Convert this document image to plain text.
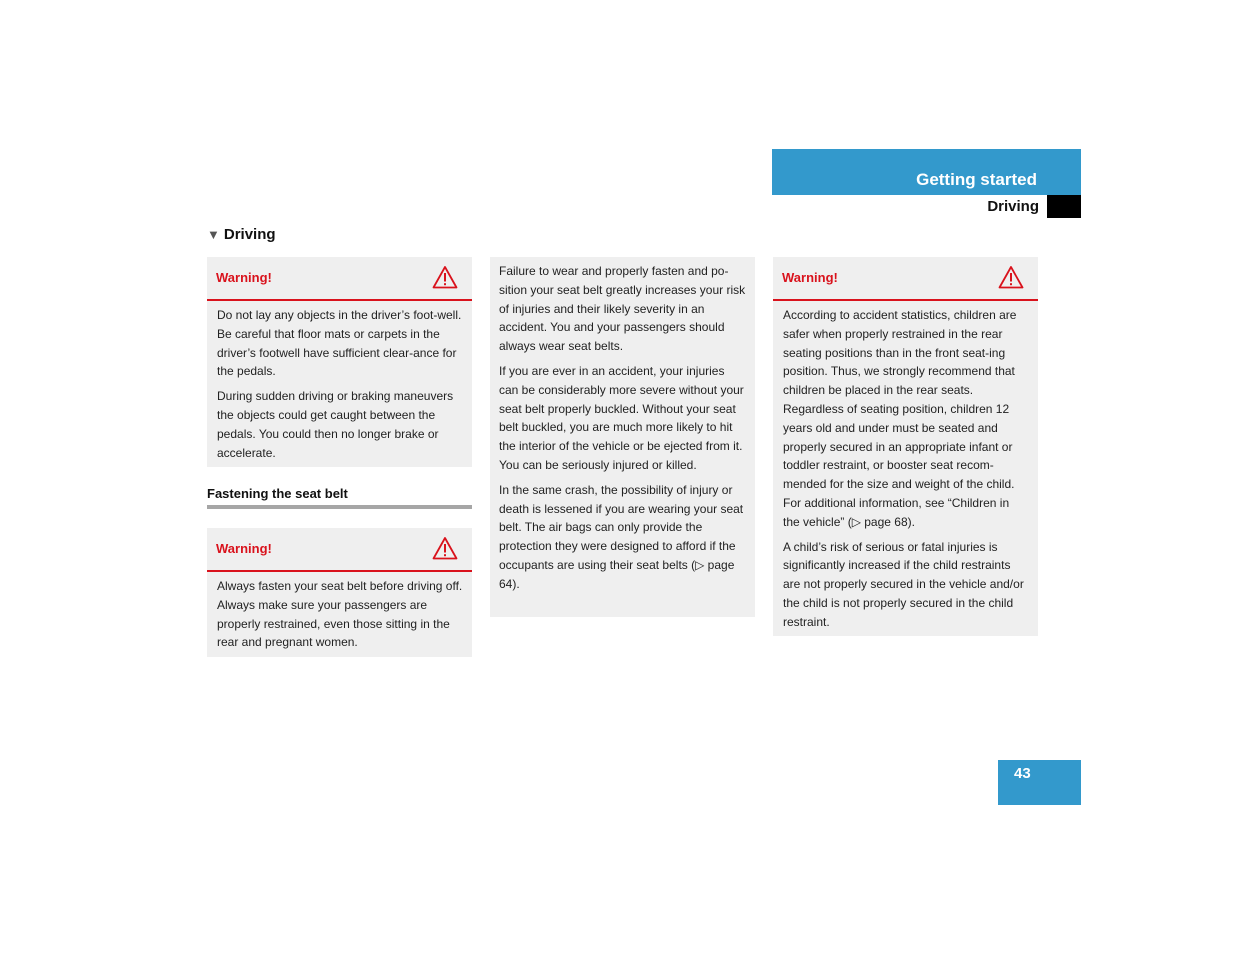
Getting started
Driving
▼ Driving
Warning!

Do not lay any objects in the driver’s foot-well. Be careful that floor mats or carpets in the driver’s footwell have sufficient clear-ance for the pedals.

During sudden driving or braking maneuvers the objects could get caught between the pedals. You could then no longer brake or accelerate.

Fastening the seat belt
Warning!

Always fasten your seat belt before driving off. Always make sure your passengers are properly restrained, even those sitting in the rear and pregnant women.

Failure to wear and properly fasten and po-sition your seat belt greatly increases your risk of injuries and their likely severity in an accident. You and your passengers should always wear seat belts.

If you are ever in an accident, your injuries can be considerably more severe without your seat belt properly buckled. Without your seat belt buckled, you are much more likely to hit the interior of the vehicle or be ejected from it. You can be seriously injured or killed.

In the same crash, the possibility of injury or death is lessened if you are wearing your seat belt. The air bags can only provide the protection they were designed to afford if the occupants are using their seat belts (▷ page 64).

Warning!

According to accident statistics, children are safer when properly restrained in the rear seating positions than in the front seat-ing position. Thus, we strongly recommend that children be placed in the rear seats. Regardless of seating position, children 12 years old and under must be seated and properly secured in an appropriate infant or toddler restraint, or booster seat recom-mended for the size and weight of the child. For additional information, see “Children in the vehicle” (▷ page 68).

A child’s risk of serious or fatal injuries is significantly increased if the child restraints are not properly secured in the vehicle and/or the child is not properly secured in the child restraint.

43
